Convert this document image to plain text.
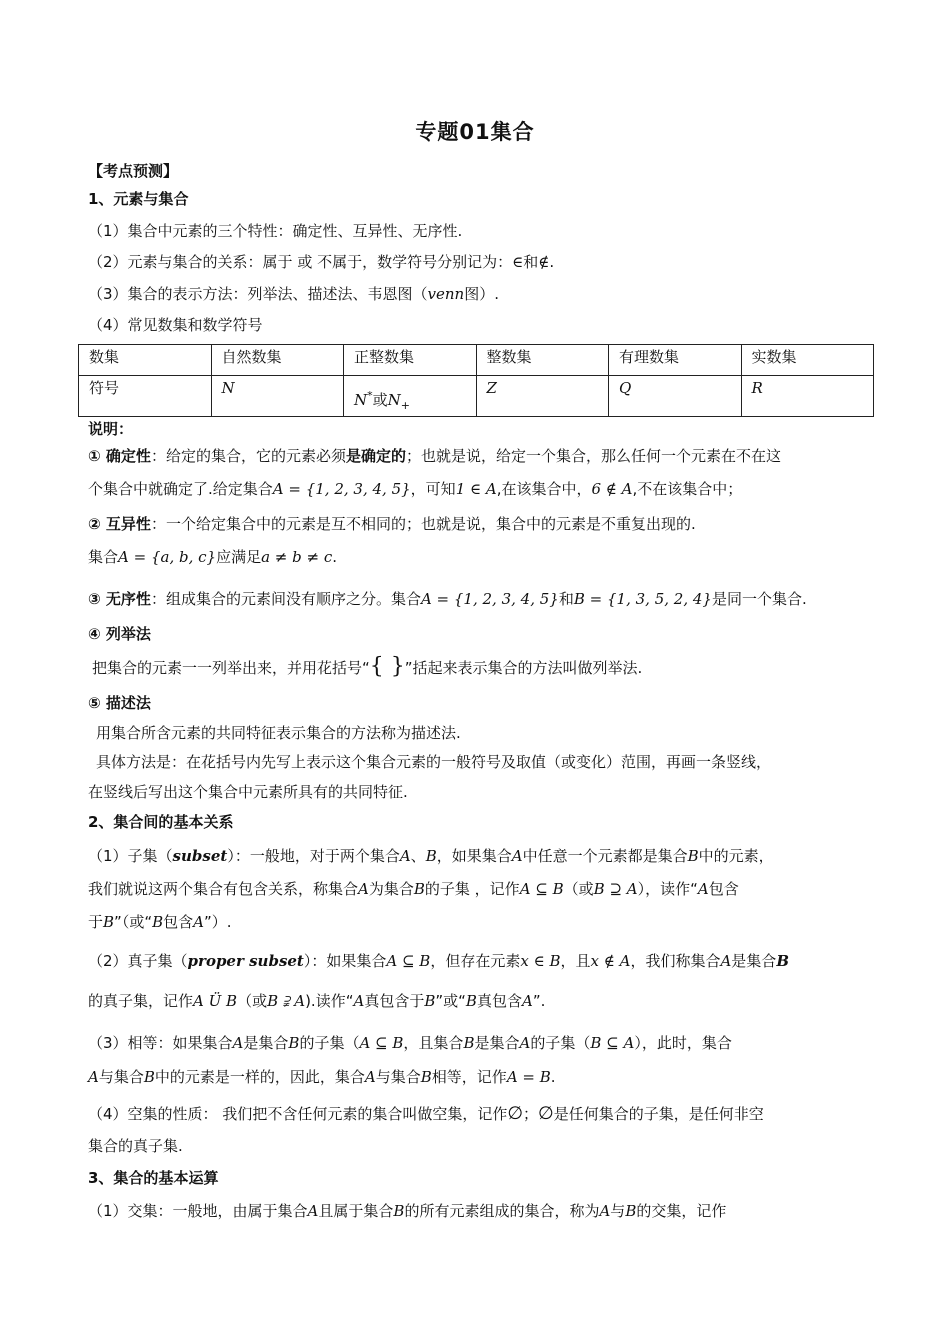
专题01集合
【考点预测】
1、元素与集合
（1）集合中元素的三个特性：确定性、互异性、无序性.
（2）元素与集合的关系：属于 或 不属于，数学符号分别记为：∈和∉.
（3）集合的表示方法：列举法、描述法、韦恩图（venn图）.
（4）常见数集和数学符号
数集	自然数集	正整数集	整数集	有理数集	实数集
符号	N	N*或$N_+$	Z	Q	R
说明：
① 确定性：给定的集合，它的元素必须是确定的；也就是说，给定一个集合，那么任何一个元素在不在这
个集合中就确定了.给定集合A = {1, 2, 3, 4, 5}，可知1 ∈ A,在该集合中，6 ∉ A,不在该集合中；
② 互异性：一个给定集合中的元素是互不相同的；也就是说，集合中的元素是不重复出现的.
集合A = {a, b, c}应满足a ≠ b ≠ c.
③ 无序性：组成集合的元素间没有顺序之分。集合A = {1, 2, 3, 4, 5}和B = {1, 3, 5, 2, 4}是同一个集合.
④ 列举法
把集合的元素一一列举出来，并用花括号“{ }”括起来表示集合的方法叫做列举法.
⑤ 描述法
用集合所含元素的共同特征表示集合的方法称为描述法.
具体方法是：在花括号内先写上表示这个集合元素的一般符号及取值（或变化）范围，再画一条竖线，
在竖线后写出这个集合中元素所具有的共同特征.
2、集合间的基本关系
（1）子集（subset）：一般地，对于两个集合A、B，如果集合A中任意一个元素都是集合B中的元素，
我们就说这两个集合有包含关系，称集合A为集合B的子集 ，记作A ⊆ B（或B ⊇ A），读作“A包含
于B”（或“B包含A”）.
（2）真子集（proper subset）：如果集合A ⊆ B，但存在元素x ∈ B，且x ∉ A，我们称集合A是集合B
的真子集，记作A Ü B（或B ⫌ A).读作“A真包含于B”或“B真包含A”.
（3）相等：如果集合A是集合B的子集（A ⊆ B，且集合B是集合A的子集（B ⊆ A），此时，集合
A与集合B中的元素是一样的，因此，集合A与集合B相等，记作A = B.
（4）空集的性质： 我们把不含任何元素的集合叫做空集，记作∅；∅是任何集合的子集，是任何非空
集合的真子集.
3、集合的基本运算
（1）交集：一般地，由属于集合A且属于集合B的所有元素组成的集合，称为A与B的交集，记作
